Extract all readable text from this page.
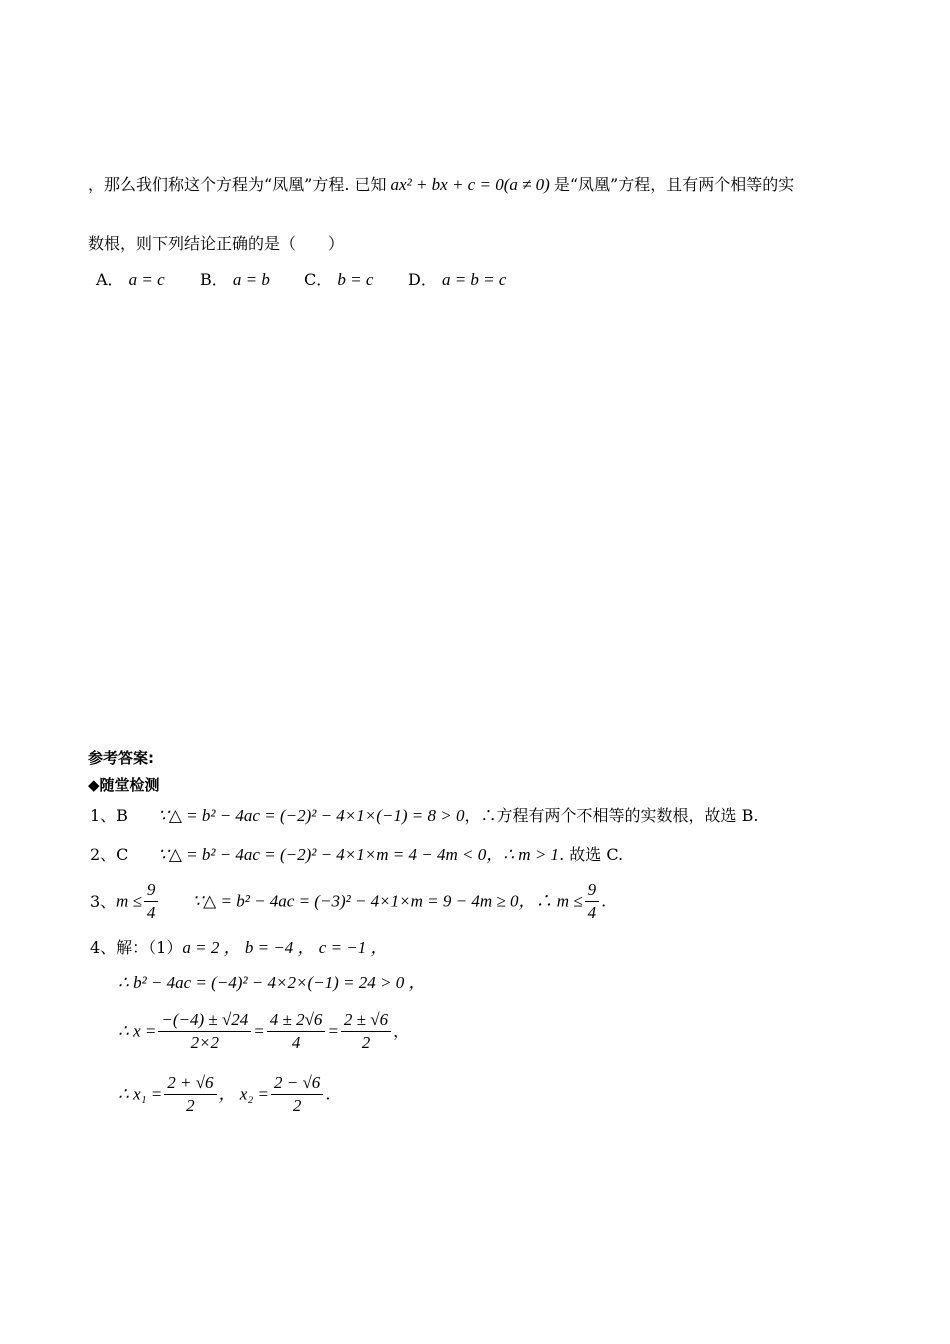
，那么我们称这个方程为“凤凰”方程. 已知 ax² + bx + c = 0(a ≠ 0) 是“凤凰”方程，且有两个相等的实
数根，则下列结论正确的是（　　）
A． a = c B． a = b C． b = c D． a = b = c
参考答案:
◆随堂检测
1、B ∵△ = b² − 4ac = (−2)² − 4×1×(−1) = 8 > 0，∴方程有两个不相等的实数根，故选 B.
2、C ∵△ = b² − 4ac = (−2)² − 4×1×m = 4 − 4m < 0，∴ m > 1. 故选 C.
3、$m \le \frac{9}{4}$ ∵△ = b² − 4ac = (−3)² − 4×1×m = 9 − 4m ≥ 0，∴ $m \le \frac{9}{4}$ .
4、解：（1）a = 2 ， b = −4 ， c = −1 ，
∴ b² − 4ac = (−4)² − 4×2×(−1) = 24 > 0 ，
∴ $x = \frac{-(-4) \pm √24}{2\times 2} = \frac{4 \pm 2√6}{4} = \frac{2 \pm √6}{2}$ ，
∴ $x_1 = \frac{2 + √6}{2}$ ， $x_2 = \frac{2 - √6}{2}$ .
